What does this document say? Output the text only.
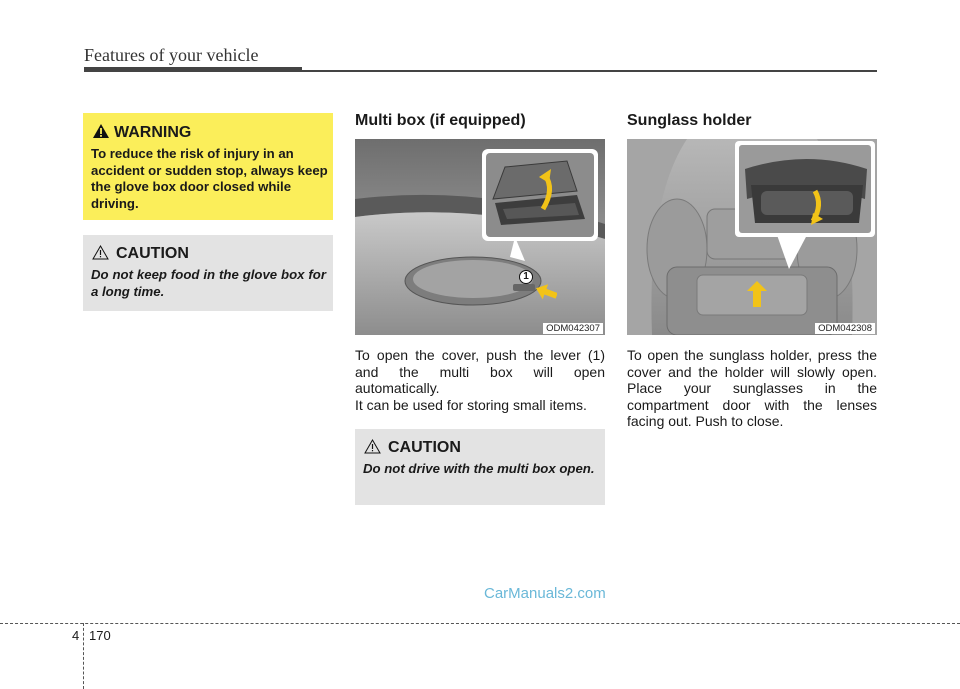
Features of your vehicle
WARNING
To reduce the risk of injury in an accident or sudden stop, always keep the glove box door closed while driving.
CAUTION
Do not keep food in the glove box for a long time.
Multi box (if equipped)
1
ODM042307
To open the cover, push the lever (1) and the multi box will open automatically.
It can be used for storing small items.
CAUTION
Do not drive with the multi box open.
Sunglass holder
ODM042308
To open the sunglass holder, press the cover and the holder will slowly open. Place your sunglasses in the compartment door with the lenses facing out. Push to close.
CarManuals2.com
4 170
